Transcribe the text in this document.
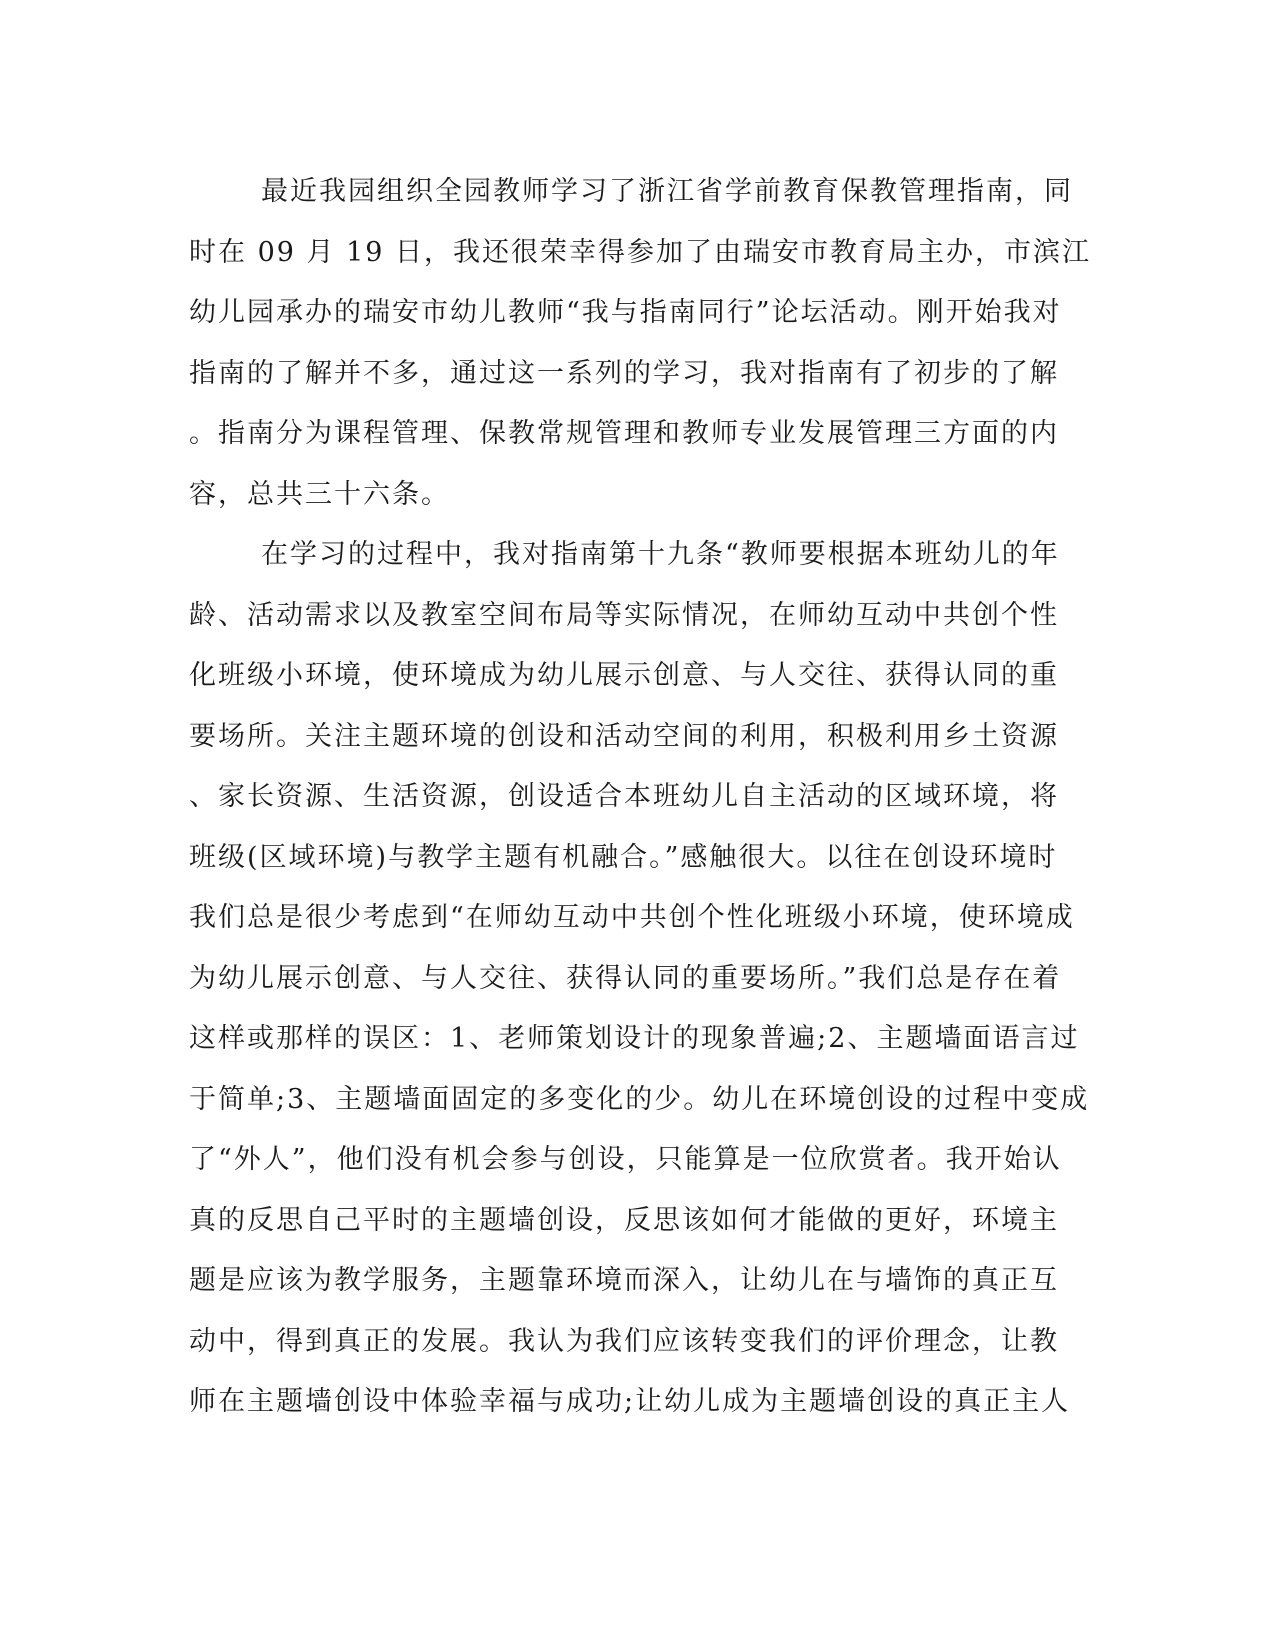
最近我园组织全园教师学习了浙江省学前教育保教管理指南，同
时在 09 月 19 日，我还很荣幸得参加了由瑞安市教育局主办，市滨江
幼儿园承办的瑞安市幼儿教师“我与指南同行”论坛活动。刚开始我对
指南的了解并不多，通过这一系列的学习，我对指南有了初步的了解
。指南分为课程管理、保教常规管理和教师专业发展管理三方面的内
容，总共三十六条。
在学习的过程中，我对指南第十九条“教师要根据本班幼儿的年
龄、活动需求以及教室空间布局等实际情况，在师幼互动中共创个性
化班级小环境，使环境成为幼儿展示创意、与人交往、获得认同的重
要场所。关注主题环境的创设和活动空间的利用，积极利用乡土资源
、家长资源、生活资源，创设适合本班幼儿自主活动的区域环境，将
班级(区域环境)与教学主题有机融合。”感触很大。以往在创设环境时
我们总是很少考虑到“在师幼互动中共创个性化班级小环境，使环境成
为幼儿展示创意、与人交往、获得认同的重要场所。”我们总是存在着
这样或那样的误区：1、老师策划设计的现象普遍;2、主题墙面语言过
于简单;3、主题墙面固定的多变化的少。幼儿在环境创设的过程中变成
了“外人”，他们没有机会参与创设，只能算是一位欣赏者。我开始认
真的反思自己平时的主题墙创设，反思该如何才能做的更好，环境主
题是应该为教学服务，主题靠环境而深入，让幼儿在与墙饰的真正互
动中，得到真正的发展。我认为我们应该转变我们的评价理念，让教
师在主题墙创设中体验幸福与成功;让幼儿成为主题墙创设的真正主人
